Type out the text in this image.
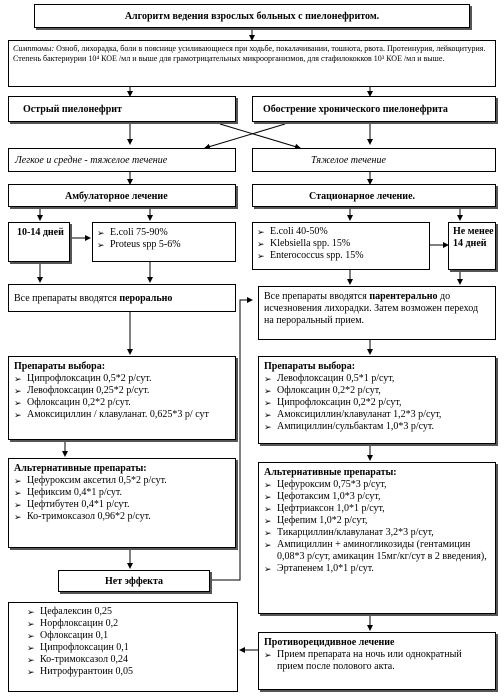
Алгоритм ведения взрослых больных с пиелонефритом.
Симптомы: Озноб, лихорадка, боли в пояснице усиливающиеся при ходьбе, покалачивании, тошнота, рвота. Протеинурия, лейкоцитурия. Степень бактериурии 10⁴ КОЕ /мл и выше для грамотрицательных микроорганизмов, для стафилококков 10³ КОЕ /мл и выше.
Острый пиелонефрит	Обострение хронического пиелонефрита
Легкое и средне - тяжелое течение	Тяжелое течение
Амбулаторное лечение	Стационарное лечение.
10-14 дней
➢	E.coli 75-90%
➢ Proteus spp 5-6%
➢ E.coli 40-50%
➢ Klebsiella spp. 15%
➢ Enterococcus spp. 15%
Не менее 14 дней
Все препараты вводятся перорально	Все препараты вводятся парентерально до исчезновения лихорадки. Затем возможен переход на пероральный прием.
Препараты выбора:
➢ Ципрофлоксацин 0,5*2 р/сут.
➢ Левофлоксацин 0,25*2 р/сут.
➢ Офлоксацин 0,2*2 р/сут.
➢ Амоксициллин / клавуланат. 0,625*3 р/ сут
Препараты выбора:
➢ Левофлоксацин 0,5*1 р/сут,
➢ Офлоксацин 0,2*2 р/сут,
➢ Ципрофлоксацин 0,2*2 р/сут,
➢ Амоксициллин/клавуланат 1,2*3 р/сут,
➢ Ампициллин/сульбактам 1,0*3 р/сут.
Альтернативные препараты:
➢ Цефуроксим аксетил 0,5*2 р/сут.
➢ Цефиксим 0,4*1 р/сут.
➢ Цефтибутен 0,4*1 р/сут.
➢ Ко-тримоксазол 0,96*2 р/сут.
Альтернативные препараты:
➢ Цефуроксим 0,75*3 р/сут,
➢ Цефотаксим 1,0*3 р/сут,
➢ Цефтриаксон 1,0*1 р/сут,
➢ Цефепим 1,0*2 р/сут,
➢ Тикарциллин/клавуланат 3,2*3 р/сут,
➢ Ампициллин + аминогликозиды (гентамицин 0,08*3 р/сут, амикацин 15мг/кг/сут в 2 введения),
➢ Эртапенем 1,0*1 р/сут.
Нет эффекта
➢ Цефалексин 0,25
➢ Норфлоксацин 0,2
➢ Офлоксацин 0,1
➢ Ципрофлоксацин 0,1
➢ Ко-тримоксазол 0,24
➢ Нитрофурантоин 0,05
Противорецидивное лечение
➢ Прием препарата на ночь или однократный прием после полового акта.
